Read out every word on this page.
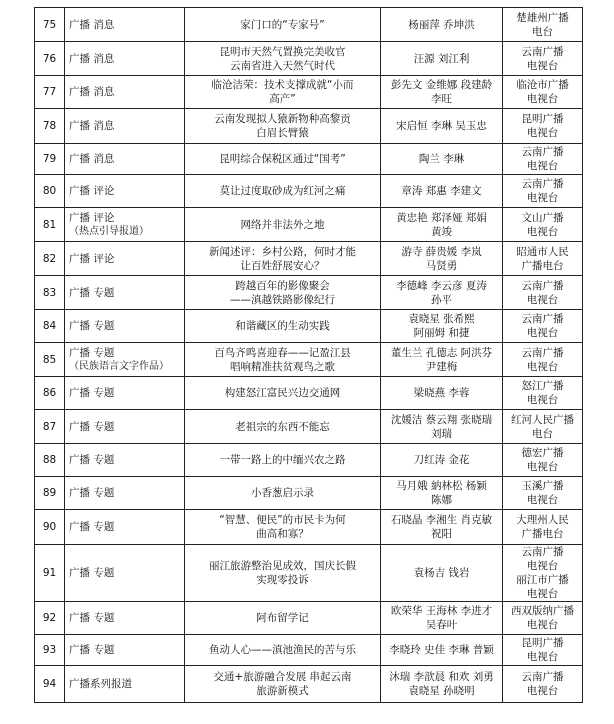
75	广播 消息	家门口的“专家号”	杨丽萍 乔坤洪	楚雄州广播
电台

76	广播 消息	昆明市天然气置换完美收官
云南省进入天然气时代	汪源 刘江利	云南广播
电视台

77	广播 消息	临沧洁荣：技术支撑成就“小而
高产”	彭先文 金维娜 段建龄
李旺	临沧市广播
电视台

78	广播 消息	云南发现拟人猿新物种高黎贡
白眉长臂猿	宋启恒 李琳 吴玉忠	昆明广播
电视台

79	广播 消息	昆明综合保税区通过“国考”	陶兰 李琳	云南广播
电视台

80	广播 评论	莫让过度取砂成为红河之痛	章涛 郑惠 李建文	云南广播
电视台

81	广播 评论
（热点引导报道）	网络并非法外之地	黄忠艳 郑泽娅 郑娟
黄竣	文山广播
电视台

82	广播 评论	新闻述评：乡村公路，何时才能
让百姓舒展安心？	游寺 薛贵媛 李岚
马贤勇	昭通市人民
广播电台

83	广播 专题	跨越百年的影像聚会
——滇越铁路影像纪行	李德峰 李云彦 夏涛
孙平	云南广播
电视台

84	广播 专题	和谐藏区的生动实践	袁晓星 张希熙
阿丽姆 和捷	云南广播
电视台

85	广播 专题
（民族语言文字作品）	百鸟齐鸣喜迎春——记盈江县
唱响精准扶贫观鸟之歌	董生兰 孔德志 阿洪芬
尹建梅	云南广播
电视台

86	广播 专题	构建怒江富民兴边交通网	梁晓燕 李蓉	怒江广播
电视台

87	广播 专题	老祖宗的东西不能忘	沈媛洁 蔡云翔 张晓瑞
刘瑞	红河人民广播
电台

88	广播 专题	一带一路上的中缅兴农之路	刀红涛 金花	德宏广播
电视台

89	广播 专题	小香葱启示录	马月娥 納林松 杨颖
陈娜	玉溪广播
电视台

90	广播 专题	“智慧、便民”的市民卡为何
曲高和寡？	石晓晶 李湘生 肖克敏
祝阳	大理州人民
广播电台

91	广播 专题	丽江旅游整治见成效，国庆长假
实现零投诉	袁杨吉 钱岩	云南广播
电视台
丽江市广播
电视台

92	广播 专题	阿布留学记	欧荣华 王海林 李进才
吴春叶	西双版纳广播
电视台

93	广播 专题	鱼动人心——滇池渔民的苦与乐	李晓玲 史佳 李琳 普颖	昆明广播
电视台

94	广播系列报道	交通+旅游融合发展 串起云南
旅游新模式	沐瑞 李歆晨 和欢 刘勇
袁晓星 孙晓明	云南广播
电视台
